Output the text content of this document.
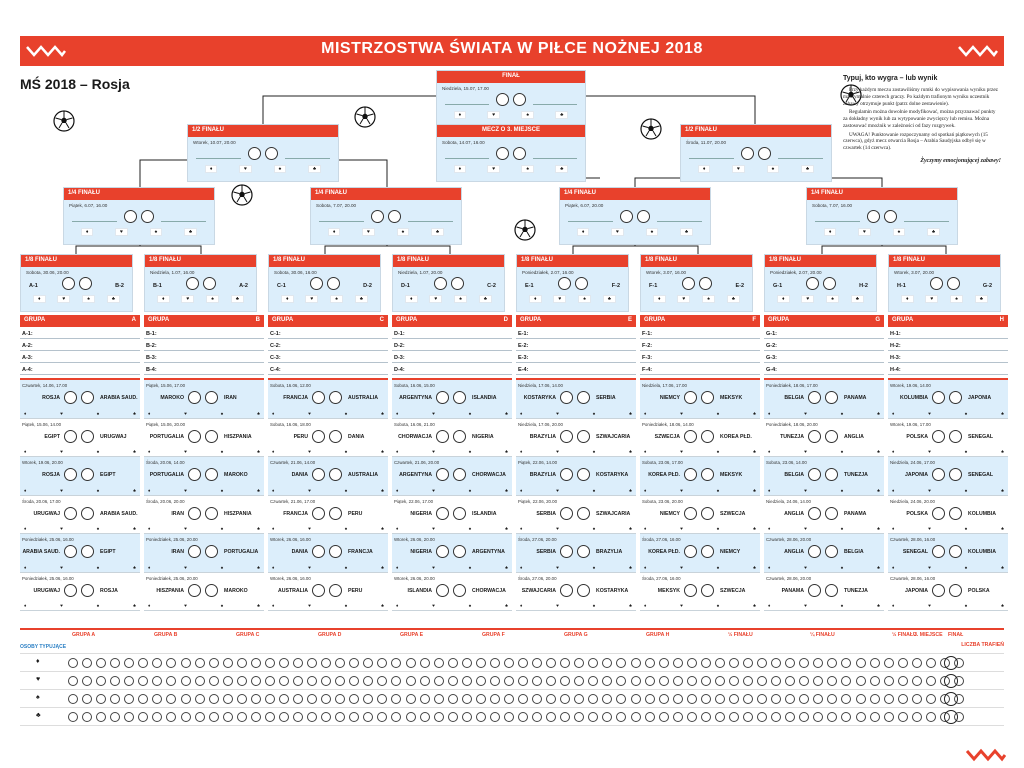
MISTRZOSTWA ŚWIATA W PIŁCE NOŻNEJ 2018
MŚ 2018 – Rosja	Typuj, kto wygra – lub wynik

Przy każdym meczu zostawiliśmy rumki do wypisowania wyniku przez maksymalnie czterech graczy. Po każdym trafionym wyniku uczestnik zabawy otrzymuje punkt (patrz dolne zestawienie).

Regulamin można dowolnie modyfikować, można przyznawać punkty za dokładny wynik lub za wytypowanie zwycięzcy lub remisu. Można zastosować mnożnik w zależności od fazy rozgrywek.

UWAGA! Punktowanie rozpoczynamy od spotkań piątkowych (15 czerwca), gdyż mecz otwarcia Rosja – Arabia Saudyjska odbył się w czwartek (14 czerwca).

Życzymy emocjonującej zabawy!
FINAŁ
Niedziela, 15.07, 17.00
♦	♥	♠	♣
MECZ O 3. MIEJSCE
Sobota, 14.07, 16.00
♦	♥	♠	♣
1/2 FINAŁU
Wtorek, 10.07, 20.00
♦	♥	♠	♣
1/2 FINAŁU
Środa, 11.07, 20.00
♦	♥	♠	♣
1/4 FINAŁU
Piątek, 6.07, 16.00
♦	♥	♠	♣
1/4 FINAŁU
Sobota, 7.07, 20.00
♦	♥	♠	♣
1/4 FINAŁU
Piątek, 6.07, 20.00
♦	♥	♠	♣
1/4 FINAŁU
Sobota, 7.07, 16.00
♦	♥	♠	♣
1/8 FINAŁU
Sobota, 30.06, 20.00
A-1	B-2
♦	♥	♠	♣
1/8 FINAŁU
Niedziela, 1.07, 16.00
B-1	A-2
♦	♥	♠	♣
1/8 FINAŁU
Sobota, 30.06, 16.00
C-1	D-2
♦	♥	♠	♣
1/8 FINAŁU
Niedziela, 1.07, 20.00
D-1	C-2
♦	♥	♠	♣
1/8 FINAŁU
Poniedziałek, 2.07, 16.00
E-1	F-2
♦	♥	♠	♣
1/8 FINAŁU
Wtorek, 3.07, 16.00
F-1	E-2
♦	♥	♠	♣
1/8 FINAŁU
Poniedziałek, 2.07, 20.00
G-1	H-2
♦	♥	♠	♣
1/8 FINAŁU
Wtorek, 3.07, 20.00
H-1	G-2
♦	♥	♠	♣
GRUPA	A
A-1:
A-2:
A-3:
A-4:
Czwartek, 14.06, 17.00
ROSJA	ARABIA SAUD.
♦	♥	♠	♣
Piątek, 15.06, 14.00
EGIPT	URUGWAJ
♦	♥	♠	♣
Wtorek, 19.06, 20.00
ROSJA	EGIPT
♦	♥	♠	♣
Środa, 20.06, 17.00
URUGWAJ	ARABIA SAUD.
♦	♥	♠	♣
Poniedziałek, 25.06, 16.00
ARABIA SAUD.	EGIPT
♦	♥	♠	♣
Poniedziałek, 25.06, 16.00
URUGWAJ	ROSJA
♦	♥	♠	♣
GRUPA	B
B-1:
B-2:
B-3:
B-4:
Piątek, 15.06, 17.00
MAROKO	IRAN
♦	♥	♠	♣
Piątek, 15.06, 20.00
PORTUGALIA	HISZPANIA
♦	♥	♠	♣
Środa, 20.06, 14.00
PORTUGALIA	MAROKO
♦	♥	♠	♣
Środa, 20.06, 20.00
IRAN	HISZPANIA
♦	♥	♠	♣
Poniedziałek, 25.06, 20.00
IRAN	PORTUGALIA
♦	♥	♠	♣
Poniedziałek, 25.06, 20.00
HISZPANIA	MAROKO
♦	♥	♠	♣
GRUPA	C
C-1:
C-2:
C-3:
C-4:
Sobota, 16.06, 12.00
FRANCJA	AUSTRALIA
♦	♥	♠	♣
Sobota, 16.06, 18.00
PERU	DANIA
♦	♥	♠	♣
Czwartek, 21.06, 14.00
DANIA	AUSTRALIA
♦	♥	♠	♣
Czwartek, 21.06, 17.00
FRANCJA	PERU
♦	♥	♠	♣
Wtorek, 26.06, 16.00
DANIA	FRANCJA
♦	♥	♠	♣
Wtorek, 26.06, 16.00
AUSTRALIA	PERU
♦	♥	♠	♣
GRUPA	D
D-1:
D-2:
D-3:
D-4:
Sobota, 16.06, 15.00
ARGENTYNA	ISLANDIA
♦	♥	♠	♣
Sobota, 16.06, 21.00
CHORWACJA	NIGERIA
♦	♥	♠	♣
Czwartek, 21.06, 20.00
ARGENTYNA	CHORWACJA
♦	♥	♠	♣
Piątek, 22.06, 17.00
NIGERIA	ISLANDIA
♦	♥	♠	♣
Wtorek, 26.06, 20.00
NIGERIA	ARGENTYNA
♦	♥	♠	♣
Wtorek, 26.06, 20.00
ISLANDIA	CHORWACJA
♦	♥	♠	♣
GRUPA	E
E-1:
E-2:
E-3:
E-4:
Niedziela, 17.06, 14.00
KOSTARYKA	SERBIA
♦	♥	♠	♣
Niedziela, 17.06, 20.00
BRAZYLIA	SZWAJCARIA
♦	♥	♠	♣
Piątek, 22.06, 14.00
BRAZYLIA	KOSTARYKA
♦	♥	♠	♣
Piątek, 22.06, 20.00
SERBIA	SZWAJCARIA
♦	♥	♠	♣
Środa, 27.06, 20.00
SERBIA	BRAZYLIA
♦	♥	♠	♣
Środa, 27.06, 20.00
SZWAJCARIA	KOSTARYKA
♦	♥	♠	♣
GRUPA	F
F-1:
F-2:
F-3:
F-4:
Niedziela, 17.06, 17.00
NIEMCY	MEKSYK
♦	♥	♠	♣
Poniedziałek, 18.06, 14.00
SZWECJA	KOREA PŁD.
♦	♥	♠	♣
Sobota, 23.06, 17.00
KOREA PŁD.	MEKSYK
♦	♥	♠	♣
Sobota, 23.06, 20.00
NIEMCY	SZWECJA
♦	♥	♠	♣
Środa, 27.06, 16.00
KOREA PŁD.	NIEMCY
♦	♥	♠	♣
Środa, 27.06, 16.00
MEKSYK	SZWECJA
♦	♥	♠	♣
GRUPA	G
G-1:
G-2:
G-3:
G-4:
Poniedziałek, 18.06, 17.00
BELGIA	PANAMA
♦	♥	♠	♣
Poniedziałek, 18.06, 20.00
TUNEZJA	ANGLIA
♦	♥	♠	♣
Sobota, 23.06, 14.00
BELGIA	TUNEZJA
♦	♥	♠	♣
Niedziela, 24.06, 14.00
ANGLIA	PANAMA
♦	♥	♠	♣
Czwartek, 28.06, 20.00
ANGLIA	BELGIA
♦	♥	♠	♣
Czwartek, 28.06, 20.00
PANAMA	TUNEZJA
♦	♥	♠	♣
GRUPA	H
H-1:
H-2:
H-3:
H-4:
Wtorek, 19.06, 14.00
KOLUMBIA	JAPONIA
♦	♥	♠	♣
Wtorek, 19.06, 17.00
POLSKA	SENEGAL
♦	♥	♠	♣
Niedziela, 24.06, 17.00
JAPONIA	SENEGAL
♦	♥	♠	♣
Niedziela, 24.06, 20.00
POLSKA	KOLUMBIA
♦	♥	♠	♣
Czwartek, 28.06, 16.00
SENEGAL	KOLUMBIA
♦	♥	♠	♣
Czwartek, 28.06, 16.00
JAPONIA	POLSKA
♦	♥	♠	♣
GRUPA A	GRUPA B	GRUPA C	GRUPA D	GRUPA E	GRUPA F	GRUPA G	GRUPA H	½ FINAŁU	¼ FINAŁU	½ FINAŁU
3. MIEJSCE FINAŁ
LICZBA TRAFIEŃ
OSOBY TYPUJĄCE
♦
♥
♠
♣
